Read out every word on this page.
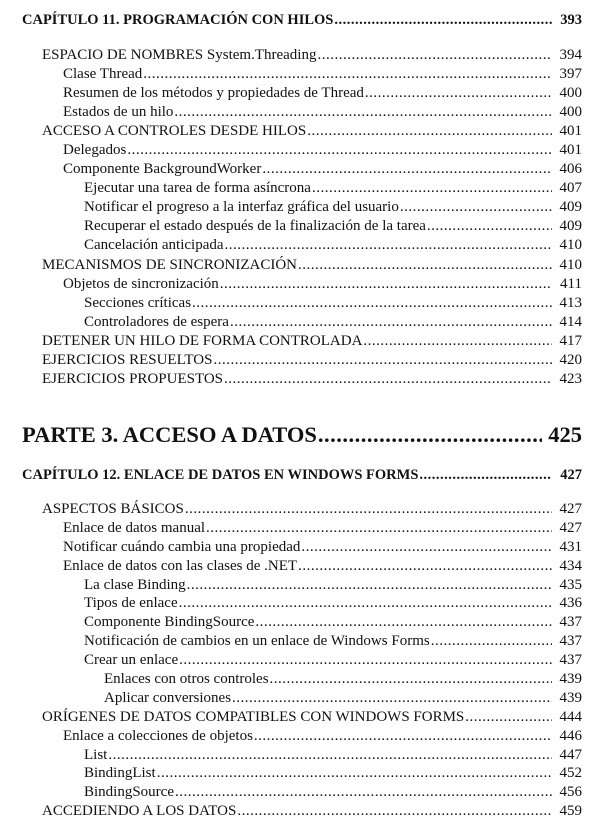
CAPÍTULO 11. PROGRAMACIÓN CON HILOS .....	393
ESPACIO DE NOMBRES System.Threading .....	394
Clase Thread .....	397
Resumen de los métodos y propiedades de Thread .....	400
Estados de un hilo .....	400
ACCESO A CONTROLES DESDE HILOS .....	401
Delegados .....	401
Componente BackgroundWorker .....	406
Ejecutar una tarea de forma asíncrona .....	407
Notificar el progreso a la interfaz gráfica del usuario .....	409
Recuperar el estado después de la finalización de la tarea .....	409
Cancelación anticipada .....	410
MECANISMOS DE SINCRONIZACIÓN .....	410
Objetos de sincronización .....	411
Secciones críticas .....	413
Controladores de espera .....	414
DETENER UN HILO DE FORMA CONTROLADA .....	417
EJERCICIOS RESUELTOS .....	420
EJERCICIOS PROPUESTOS .....	423
PARTE 3. ACCESO A DATOS .....	425
CAPÍTULO 12. ENLACE DE DATOS EN WINDOWS FORMS .....	427
ASPECTOS BÁSICOS .....	427
Enlace de datos manual .....	427
Notificar cuándo cambia una propiedad .....	431
Enlace de datos con las clases de .NET .....	434
La clase Binding .....	435
Tipos de enlace .....	436
Componente BindingSource .....	437
Notificación de cambios en un enlace de Windows Forms .....	437
Crear un enlace .....	437
Enlaces con otros controles .....	439
Aplicar conversiones .....	439
ORÍGENES DE DATOS COMPATIBLES CON WINDOWS FORMS .....	444
Enlace a colecciones de objetos .....	446
List .....	447
BindingList .....	452
BindingSource .....	456
ACCEDIENDO A LOS DATOS .....	459
